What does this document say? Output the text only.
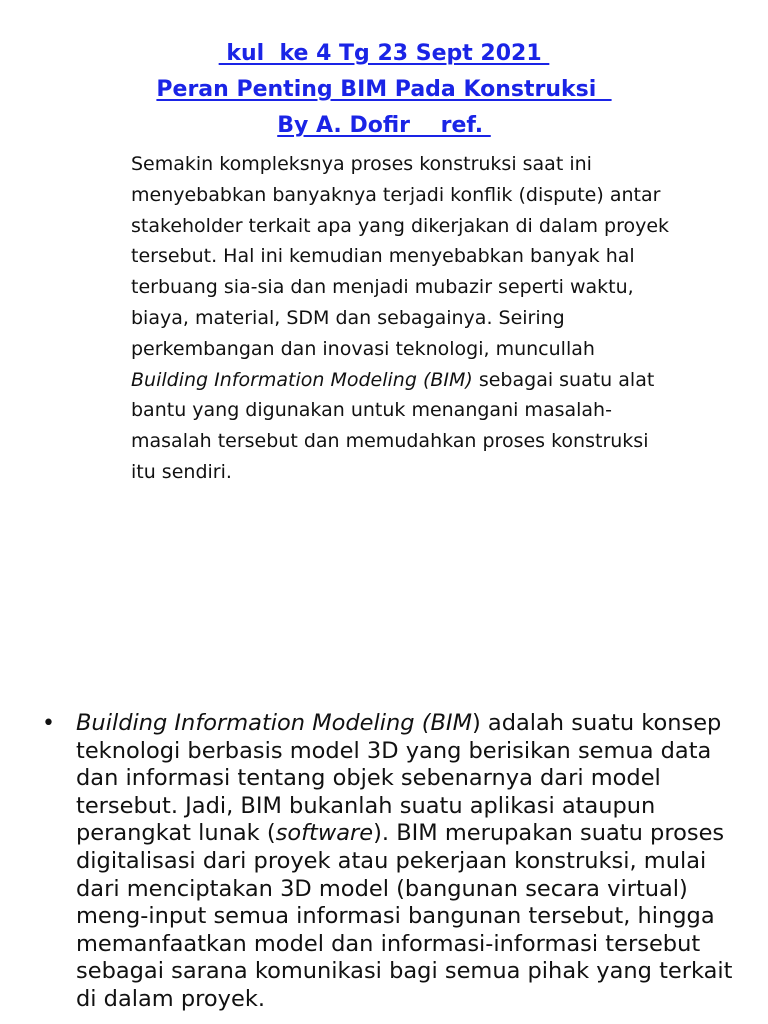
kul  ke 4 Tg 23 Sept 2021
Peran Penting BIM Pada Konstruksi
By A. Dofir    ref.
Semakin kompleksnya proses konstruksi saat ini menyebabkan banyaknya terjadi konflik (dispute) antar stakeholder terkait apa yang dikerjakan di dalam proyek tersebut. Hal ini kemudian menyebabkan banyak hal terbuang sia-sia dan menjadi mubazir seperti waktu, biaya, material, SDM dan sebagainya. Seiring perkembangan dan inovasi teknologi, muncullah Building Information Modeling (BIM) sebagai suatu alat bantu yang digunakan untuk menangani masalah-masalah tersebut dan memudahkan proses konstruksi itu sendiri.
• Building Information Modeling (BIM) adalah suatu konsep teknologi berbasis model 3D yang berisikan semua data dan informasi tentang objek sebenarnya dari model tersebut. Jadi, BIM bukanlah suatu aplikasi ataupun perangkat lunak (software). BIM merupakan suatu proses digitalisasi dari proyek atau pekerjaan konstruksi, mulai dari menciptakan 3D model (bangunan secara virtual) meng-input semua informasi bangunan tersebut, hingga memanfaatkan model dan informasi-informasi tersebut sebagai sarana komunikasi bagi semua pihak yang terkait di dalam proyek.
